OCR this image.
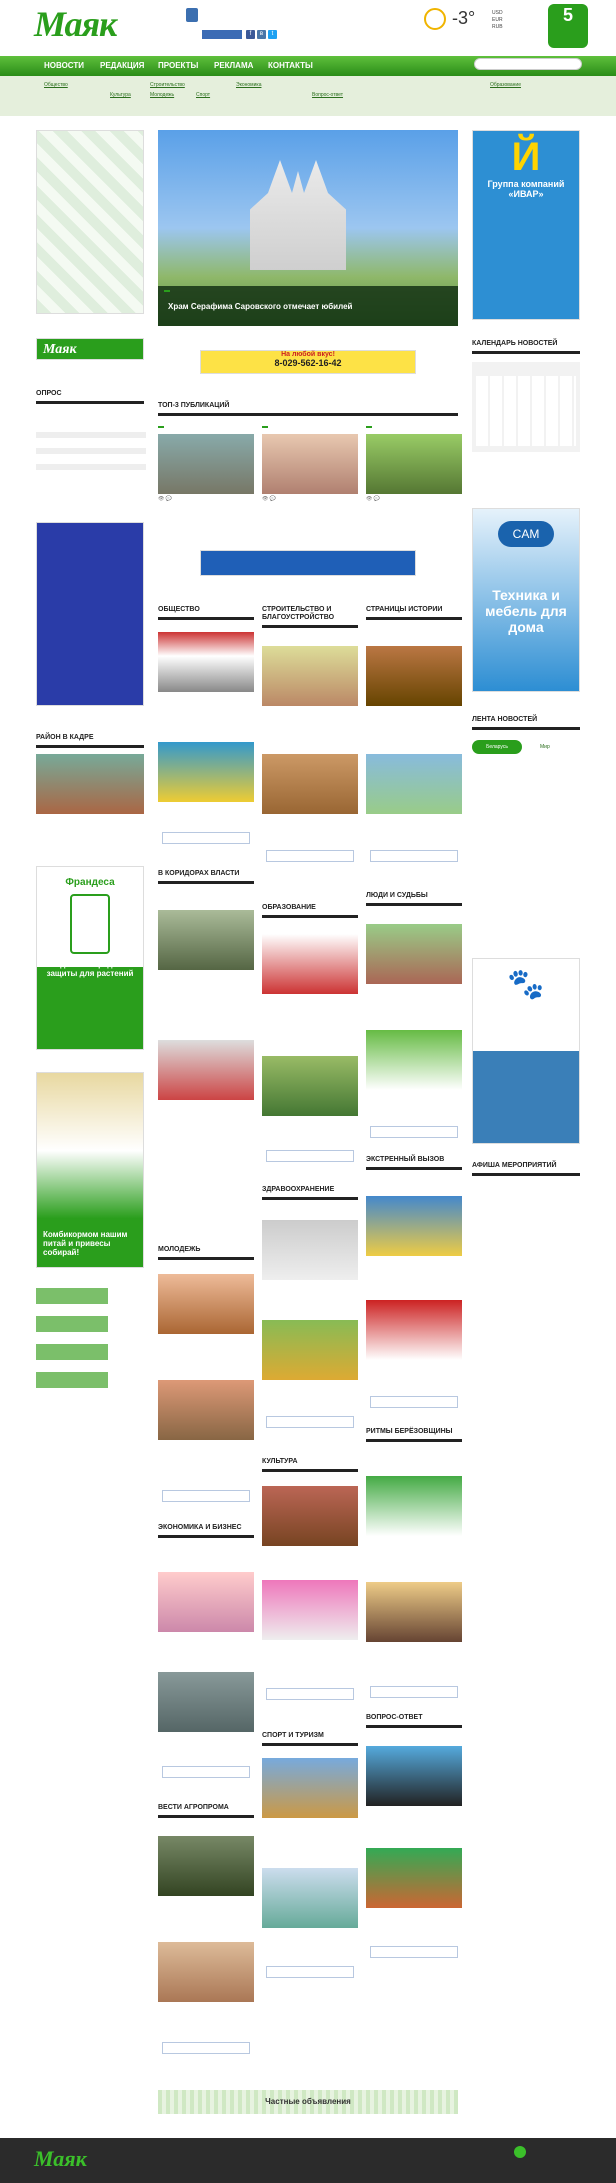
Маяк	f	в	t
-3°	USD
EUR
RUB
5
НОВОСТИ РЕДАКЦИЯ ПРОЕКТЫ РЕКЛАМА КОНТАКТЫ
Общество	Строительство	Экономика	Образование
Культура	Молодежь	Спорт	Вопрос-ответ
Храм Серафима Саровского отмечает юбилей
Й
Группа компаний «ИВАР»
Маяк	На любой вкус!
8-029-562-16-42
КАЛЕНДАРЬ НОВОСТЕЙ
ОПРОС
ТОП-3 ПУБЛИКАЦИЙ
👁 💬	👁 💬	👁 💬
CAM
Техника и мебель для дома
ОБЩЕСТВО	СТРОИТЕЛЬСТВО И БЛАГОУСТРОЙСТВО
СТРАНИЦЫ ИСТОРИИ
РАЙОН В КАДРЕ
ЛЕНТА НОВОСТЕЙ
Беларусь	Мир
Франдеса
Надежные средства защиты для растений
В КОРИДОРАХ ВЛАСТИ
ОБРАЗОВАНИЕ
ЛЮДИ И СУДЬБЫ
🐾
Комбикормом нашим питай и привесы собирай!
АФИША МЕРОПРИЯТИЙ
ЗДРАВООХРАНЕНИЕ
ЭКСТРЕННЫЙ ВЫЗОВ
МОЛОДЕЖЬ
КУЛЬТУРА
РИТМЫ БЕРЁЗОВЩИНЫ
ЭКОНОМИКА И БИЗНЕС
СПОРТ И ТУРИЗМ
ВОПРОС-ОТВЕТ
ВЕСТИ АГРОПРОМА
Частные объявления
Маяк
